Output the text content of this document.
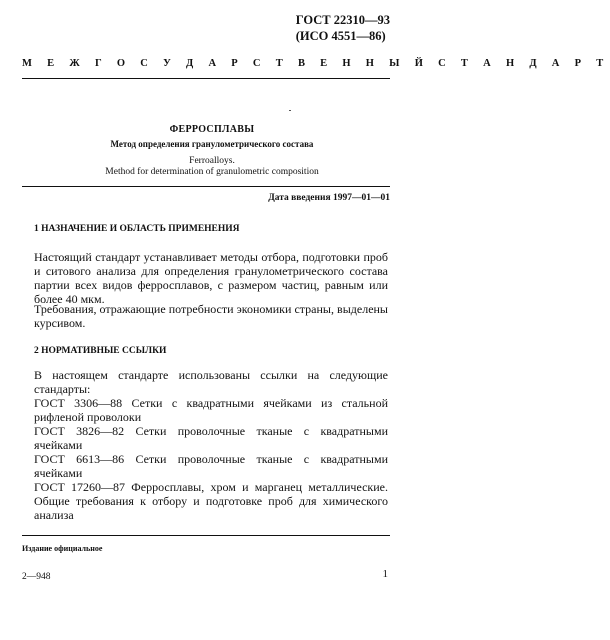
ГОСТ 22310—93
(ИСО 4551—86)
М Е Ж Г О С У Д А Р С Т В Е Н Н Ы Й С Т А Н Д А Р Т
ФЕРРОСПЛАВЫ
Метод определения гранулометрического состава
Ferroalloys.
Method for determination of granulometric composition
Дата введения 1997—01—01
1 НАЗНАЧЕНИЕ И ОБЛАСТЬ ПРИМЕНЕНИЯ
Настоящий стандарт устанавливает методы отбора, подготовки проб и ситового анализа для определения гранулометрического состава партии всех видов ферросплавов, с размером частиц, равным или более 40 мкм.
Требования, отражающие потребности экономики страны, выделены курсивом.
2 НОРМАТИВНЫЕ ССЫЛКИ

В настоящем стандарте использованы ссылки на следующие стандарты:

ГОСТ 3306—88 Сетки с квадратными ячейками из стальной рифленой проволоки

ГОСТ 3826—82 Сетки проволочные тканые с квадратными ячейками

ГОСТ 6613—86 Сетки проволочные тканые с квадратными ячейками

ГОСТ 17260—87 Ферросплавы, хром и марганец металлические. Общие требования к отбору и подготовке проб для химического анализа

Издание официальное
2—948	1
